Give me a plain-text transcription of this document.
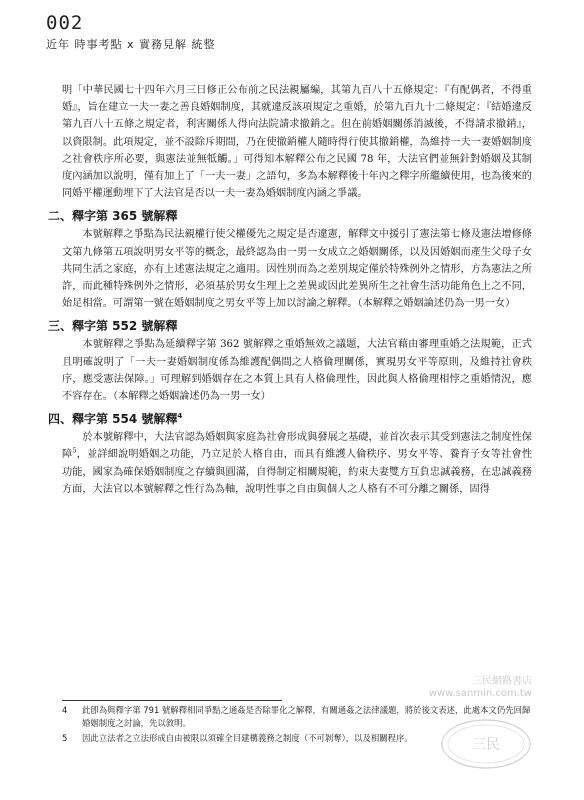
002
近年 時事考點 x 實務見解 統整

明「中華民國七十四年六月三日修正公布前之民法親屬編，其第九百八十五條規定：『有配偶者，不得重婚』，旨在建立一夫一妻之善良婚姻制度，其就違反該項規定之重婚，於第九百九十二條規定：『結婚違反第九百八十五條之規定者，利害關係人得向法院請求撤銷之。但在前婚姻關係消滅後，不得請求撤銷』，以資限制。此項規定，並不設除斥期間，乃在使撤銷權人隨時得行使其撤銷權，為維持一夫一妻婚姻制度之社會秩序所必要，與憲法並無牴觸。」可得知本解釋公布之民國 78 年，大法官們並無針對婚姻及其制度內涵加以說明，僅有加上了「一夫一妻」之語句，多為本解釋後十年內之釋字所繼續使用，也為後來的同婚平權運動埋下了大法官是否以一夫一妻為婚姻制度內涵之爭議。

二、釋字第 365 號解釋

本號解釋之爭點為民法親權行使父權優先之規定是否違憲，解釋文中援引了憲法第七條及憲法增修條文第九條第五項說明男女平等的概念，最終認為由一男一女成立之婚姻關係，以及因婚姻而產生父母子女共同生活之家庭，亦有上述憲法規定之適用。因性別而為之差別規定僅於特殊例外之情形，方為憲法之所許，而此種特殊例外之情形，必須基於男女生理上之差異或因此差異所生之社會生活功能角色上之不同，始足相當。可謂第一號在婚姻制度之男女平等上加以討論之解釋。（本解釋之婚姻論述仍為一男一女）

三、釋字第 552 號解釋

本號解釋之爭點為延續釋字第 362 號解釋之重婚無效之議題，大法官藉由審理重婚之法規範，正式且明確說明了「一夫一妻婚姻制度係為維護配偶間之人格倫理關係，實現男女平等原則，及維持社會秩序，應受憲法保障。」可理解到婚姻存在之本質上具有人格倫理性，因此與人格倫理相悖之重婚情況，應不容存在。（本解釋之婚姻論述仍為一男一女）

四、釋字第 554 號解釋$^4$

於本號解釋中，大法官認為婚姻與家庭為社會形成與發展之基礎，並首次表示其受到憲法之制度性保障$^5$，並詳細說明婚姻之功能，乃立足於人格自由，而具有維護人倫秩序、男女平等、養育子女等社會性功能，國家為確保婚姻制度之存續與圓滿，自得制定相關規範，約束夫妻雙方互負忠誠義務，在忠誠義務方面，大法官以本號解釋之性行為為軸，說明性事之自由與個人之人格有不可分離之關係，固得

三民網路書店
www.sanmin.com.tw
4	此卽為與釋字第 791 號解釋相同爭點之通姦是否除罪化之解釋，有關通姦之法律議題，將於後文表述，此處本文仍先回歸婚姻制度之討論，先以敘明。
5	因此立法者之立法形成自由被限以須確全目建構義務之制度（不可剝奪），以及相關程序。	三民
